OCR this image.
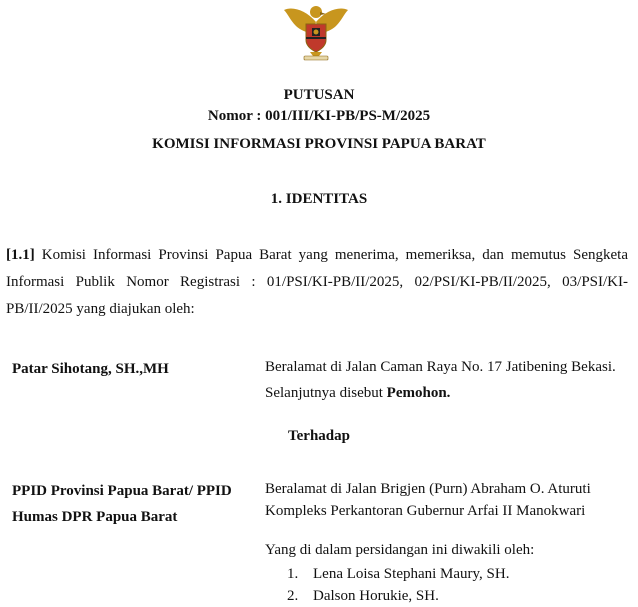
PUTUSAN
Nomor : 001/III/KI-PB/PS-M/2025
KOMISI INFORMASI PROVINSI PAPUA BARAT
1. IDENTITAS
[1.1] Komisi Informasi Provinsi Papua Barat yang menerima, memeriksa, dan memutus Sengketa Informasi Publik Nomor Registrasi : 01/PSI/KI-PB/II/2025, 02/PSI/KI-PB/II/2025, 03/PSI/KI-PB/II/2025 yang diajukan oleh:
Patar Sihotang, SH.,MH	Beralamat di Jalan Caman Raya No. 17 Jatibening Bekasi.
Selanjutnya disebut Pemohon.
Terhadap
PPID Provinsi Papua Barat/ PPID Humas DPR Papua Barat
Beralamat di Jalan Brigjen (Purn) Abraham O. Aturuti Kompleks Perkantoran Gubernur Arfai II Manokwari
Yang di dalam persidangan ini diwakili oleh:
1. Lena Loisa Stephani Maury, SH.
2. Dalson Horukie, SH.
